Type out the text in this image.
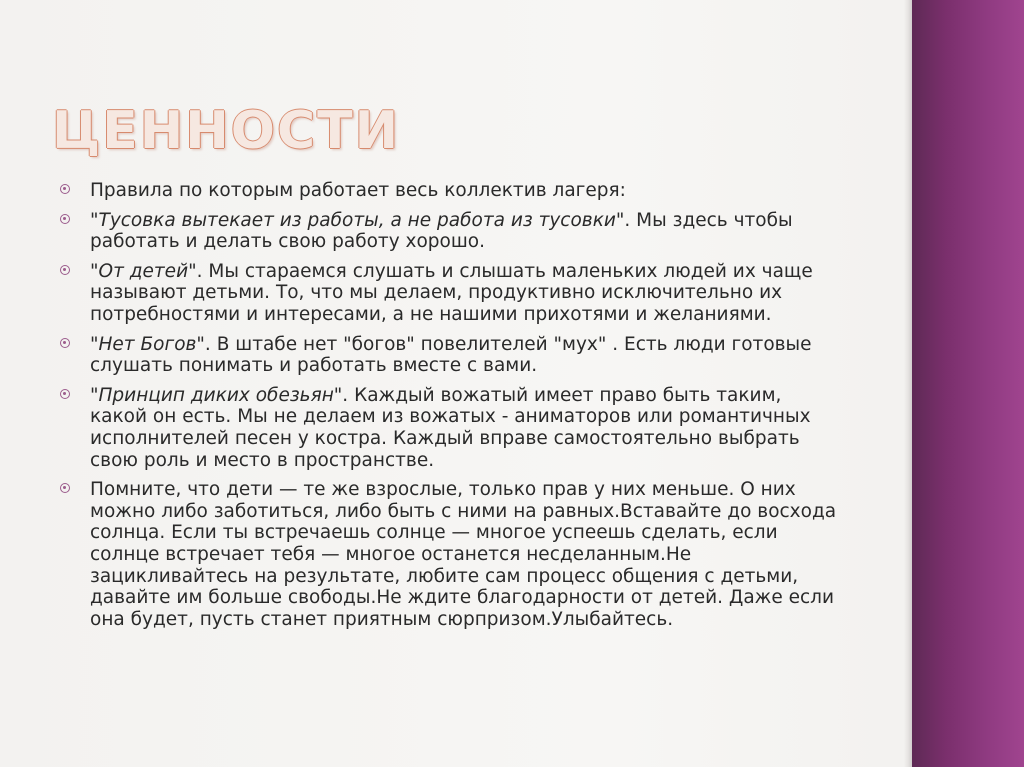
ЦЕННОСТИ
Правила по которым работает весь коллектив лагеря:
"Тусовка вытекает из работы, а не работа из тусовки". Мы здесь чтобы работать и делать свою работу хорошо.
"От детей". Мы стараемся слушать и слышать маленьких людей их чаще называют детьми. То, что мы делаем, продуктивно исключительно их потребностями и интересами, а не нашими прихотями и желаниями.
"Нет Богов". В штабе нет "богов" повелителей "мух" . Есть люди готовые слушать понимать и работать вместе с вами.
"Принцип диких обезьян". Каждый вожатый имеет право быть таким, какой он есть. Мы не делаем из вожатых - аниматоров или романтичных исполнителей песен у костра. Каждый вправе самостоятельно выбрать свою роль и место в пространстве.
Помните, что дети — те же взрослые, только прав у них меньше. О них можно либо заботиться, либо быть с ними на равных.Вставайте до восхода солнца. Если ты встречаешь солнце — многое успеешь сделать, если солнце встречает тебя — многое останется несделанным.Не зацикливайтесь на результате, любите сам процесс общения с детьми, давайте им больше свободы.Не ждите благодарности от детей. Даже если она будет, пусть станет приятным сюрпризом.Улыбайтесь.
